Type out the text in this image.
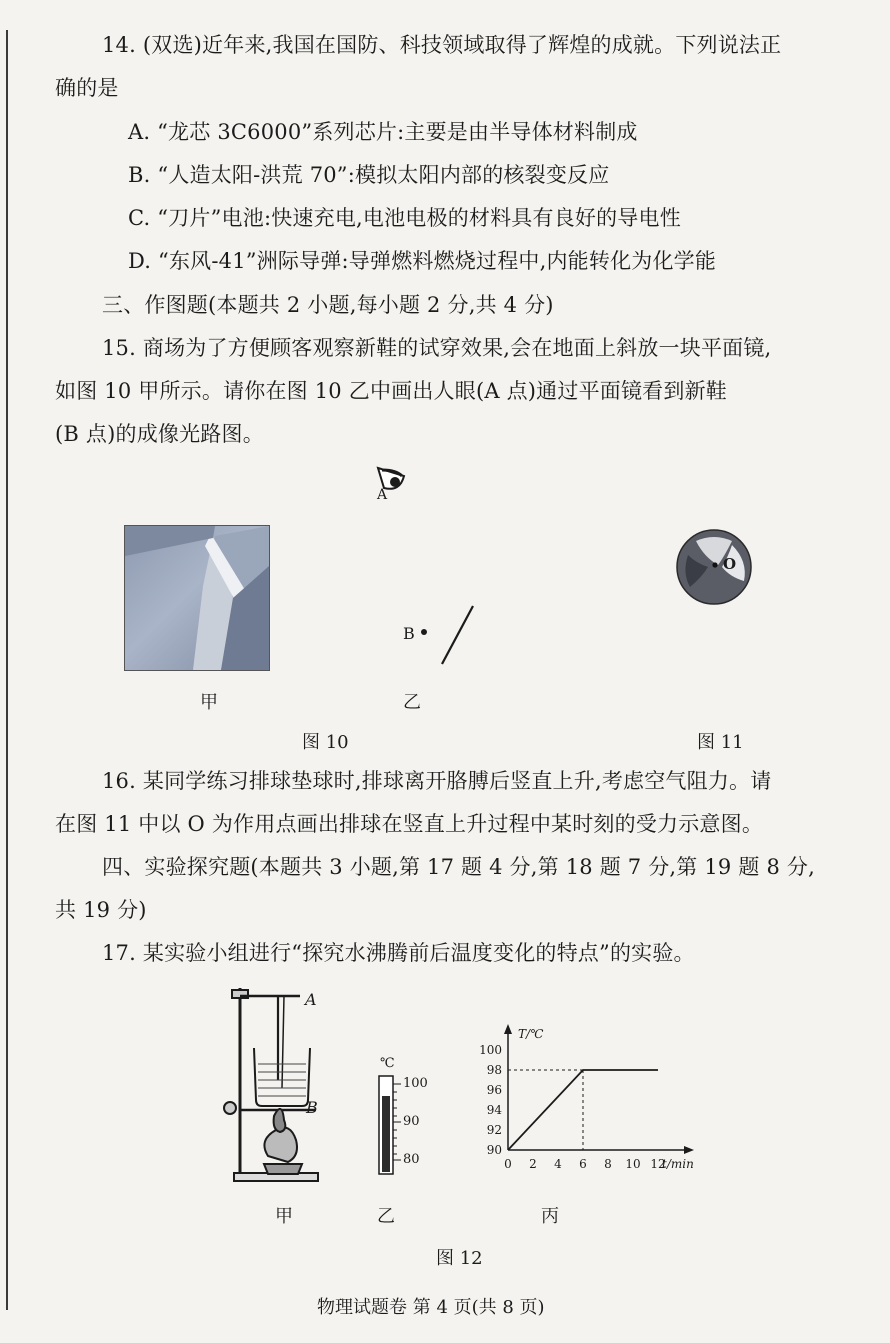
14. (双选)近年来,我国在国防、科技领域取得了辉煌的成就。下列说法正
确的是
A. “龙芯 3C6000”系列芯片:主要是由半导体材料制成
B. “人造太阳-洪荒 70”:模拟太阳内部的核裂变反应
C. “刀片”电池:快速充电,电池电极的材料具有良好的导电性
D. “东风-41”洲际导弹:导弹燃料燃烧过程中,内能转化为化学能
三、作图题(本题共 2 小题,每小题 2 分,共 4 分)
15. 商场为了方便顾客观察新鞋的试穿效果,会在地面上斜放一块平面镜,
如图 10 甲所示。请你在图 10 乙中画出人眼(A 点)通过平面镜看到新鞋
(B 点)的成像光路图。
甲
A
B
乙
图 10
O
图 11
16. 某同学练习排球垫球时,排球离开胳膊后竖直上升,考虑空气阻力。请
在图 11 中以 O 为作用点画出排球在竖直上升过程中某时刻的受力示意图。
四、实验探究题(本题共 3 小题,第 17 题 4 分,第 18 题 7 分,第 19 题 8 分,
共 19 分)
17. 某实验小组进行“探究水沸腾前后温度变化的特点”的实验。
A
B
甲
℃
100
90
80
乙
0 2 4 6 8 10 12
90
92
94
96
98
100
t/min
T/℃
丙
图 12
物理试题卷 第 4 页(共 8 页)
